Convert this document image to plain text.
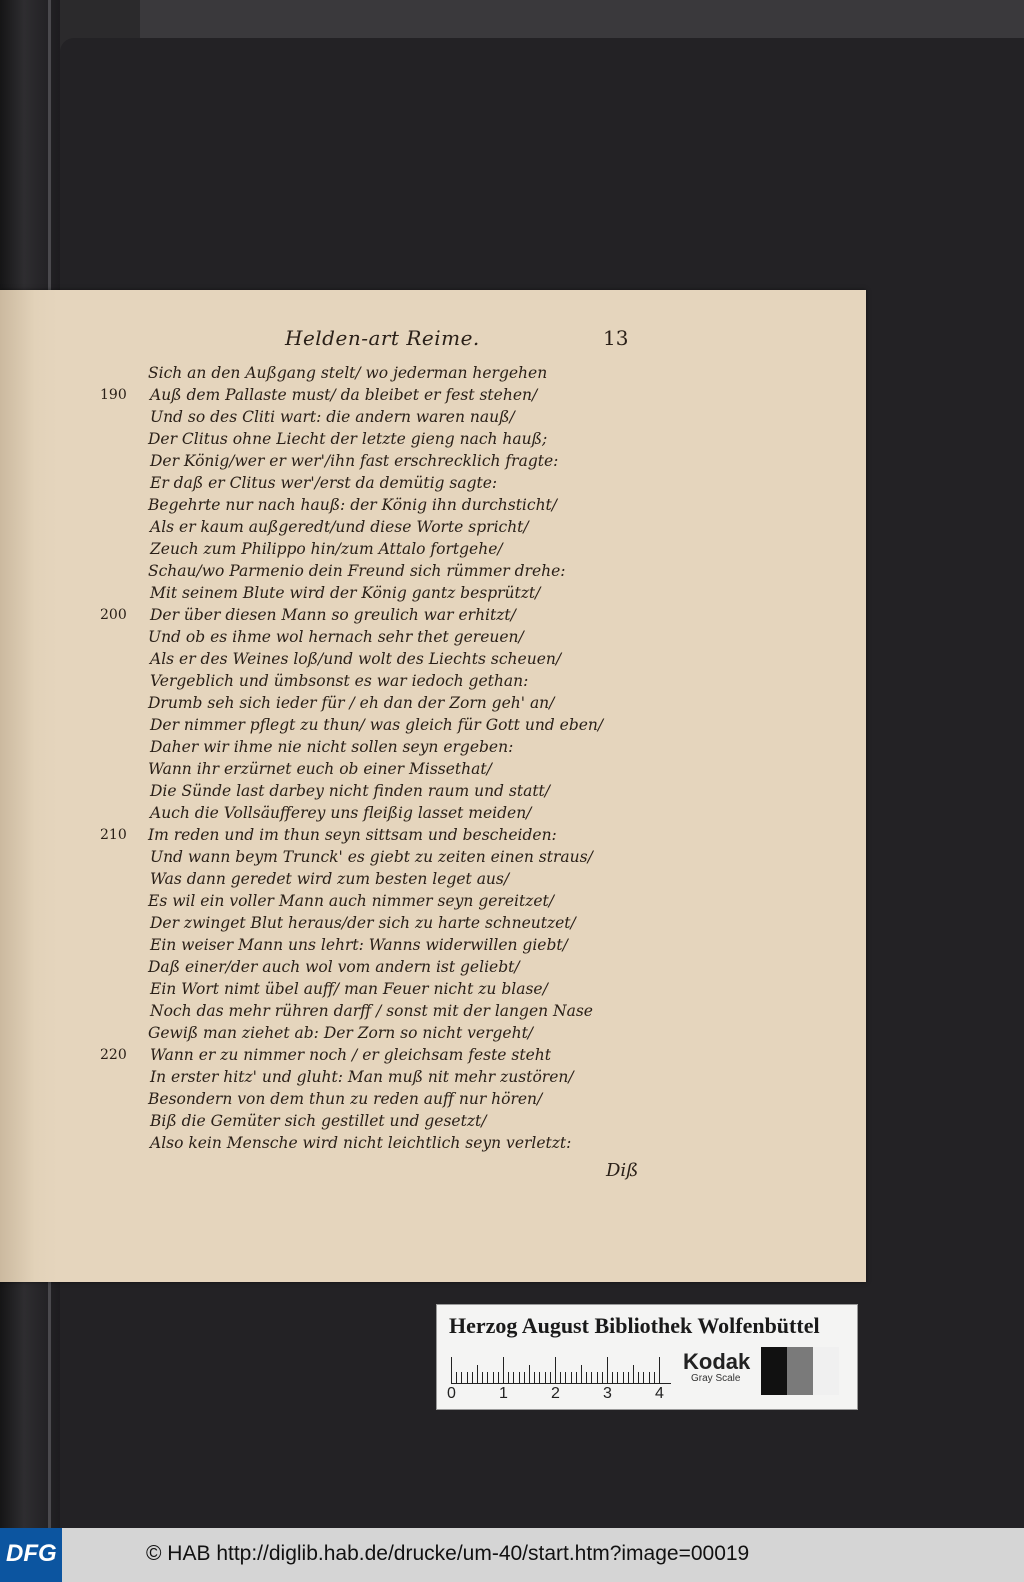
Helden-art Reime.	13
Sich an den Außgang stelt/ wo jederman hergehen
Auß dem Pallaste must/ da bleibet er fest stehen/
190
Und so des Cliti wart: die andern waren nauß/
Der Clitus ohne Liecht der letzte gieng nach hauß;
Der König/wer er wer'/ihn fast erschrecklich fragte:
Er daß er Clitus wer'/erst da demütig sagte:
Begehrte nur nach hauß: der König ihn durchsticht/
Als er kaum außgeredt/und diese Worte spricht/
Zeuch zum Philippo hin/zum Attalo fortgehe/
Schau/wo Parmenio dein Freund sich rümmer drehe:
Mit seinem Blute wird der König gantz besprützt/
Der über diesen Mann so greulich war erhitzt/
200
Und ob es ihme wol hernach sehr thet gereuen/
Als er des Weines loß/und wolt des Liechts scheuen/
Vergeblich und ümbsonst es war iedoch gethan:
Drumb seh sich ieder für / eh dan der Zorn geh' an/
Der nimmer pflegt zu thun/ was gleich für Gott und eben/
Daher wir ihme nie nicht sollen seyn ergeben:
Wann ihr erzürnet euch ob einer Missethat/
Die Sünde last darbey nicht finden raum und statt/
Auch die Vollsäufferey uns fleißig lasset meiden/
Im reden und im thun seyn sittsam und bescheiden:
210
Und wann beym Trunck' es giebt zu zeiten einen straus/
Was dann geredet wird zum besten leget aus/
Es wil ein voller Mann auch nimmer seyn gereitzet/
Der zwinget Blut heraus/der sich zu harte schneutzet/
Ein weiser Mann uns lehrt: Wanns widerwillen giebt/
Daß einer/der auch wol vom andern ist geliebt/
Ein Wort nimt übel auff/ man Feuer nicht zu blase/
Noch das mehr rühren darff / sonst mit der langen Nase
Gewiß man ziehet ab: Der Zorn so nicht vergeht/
Wann er zu nimmer noch / er gleichsam feste steht
220
In erster hitz' und gluht: Man muß nit mehr zustören/
Besondern von dem thun zu reden auff nur hören/
Biß die Gemüter sich gestillet und gesetzt/
Also kein Mensche wird nicht leichtlich seyn verletzt:
Diß
Herzog August Bibliothek Wolfenbüttel
0	1	2	3	4
Kodak
Gray Scale
DFG	© HAB http://diglib.hab.de/drucke/um-40/start.htm?image=00019
